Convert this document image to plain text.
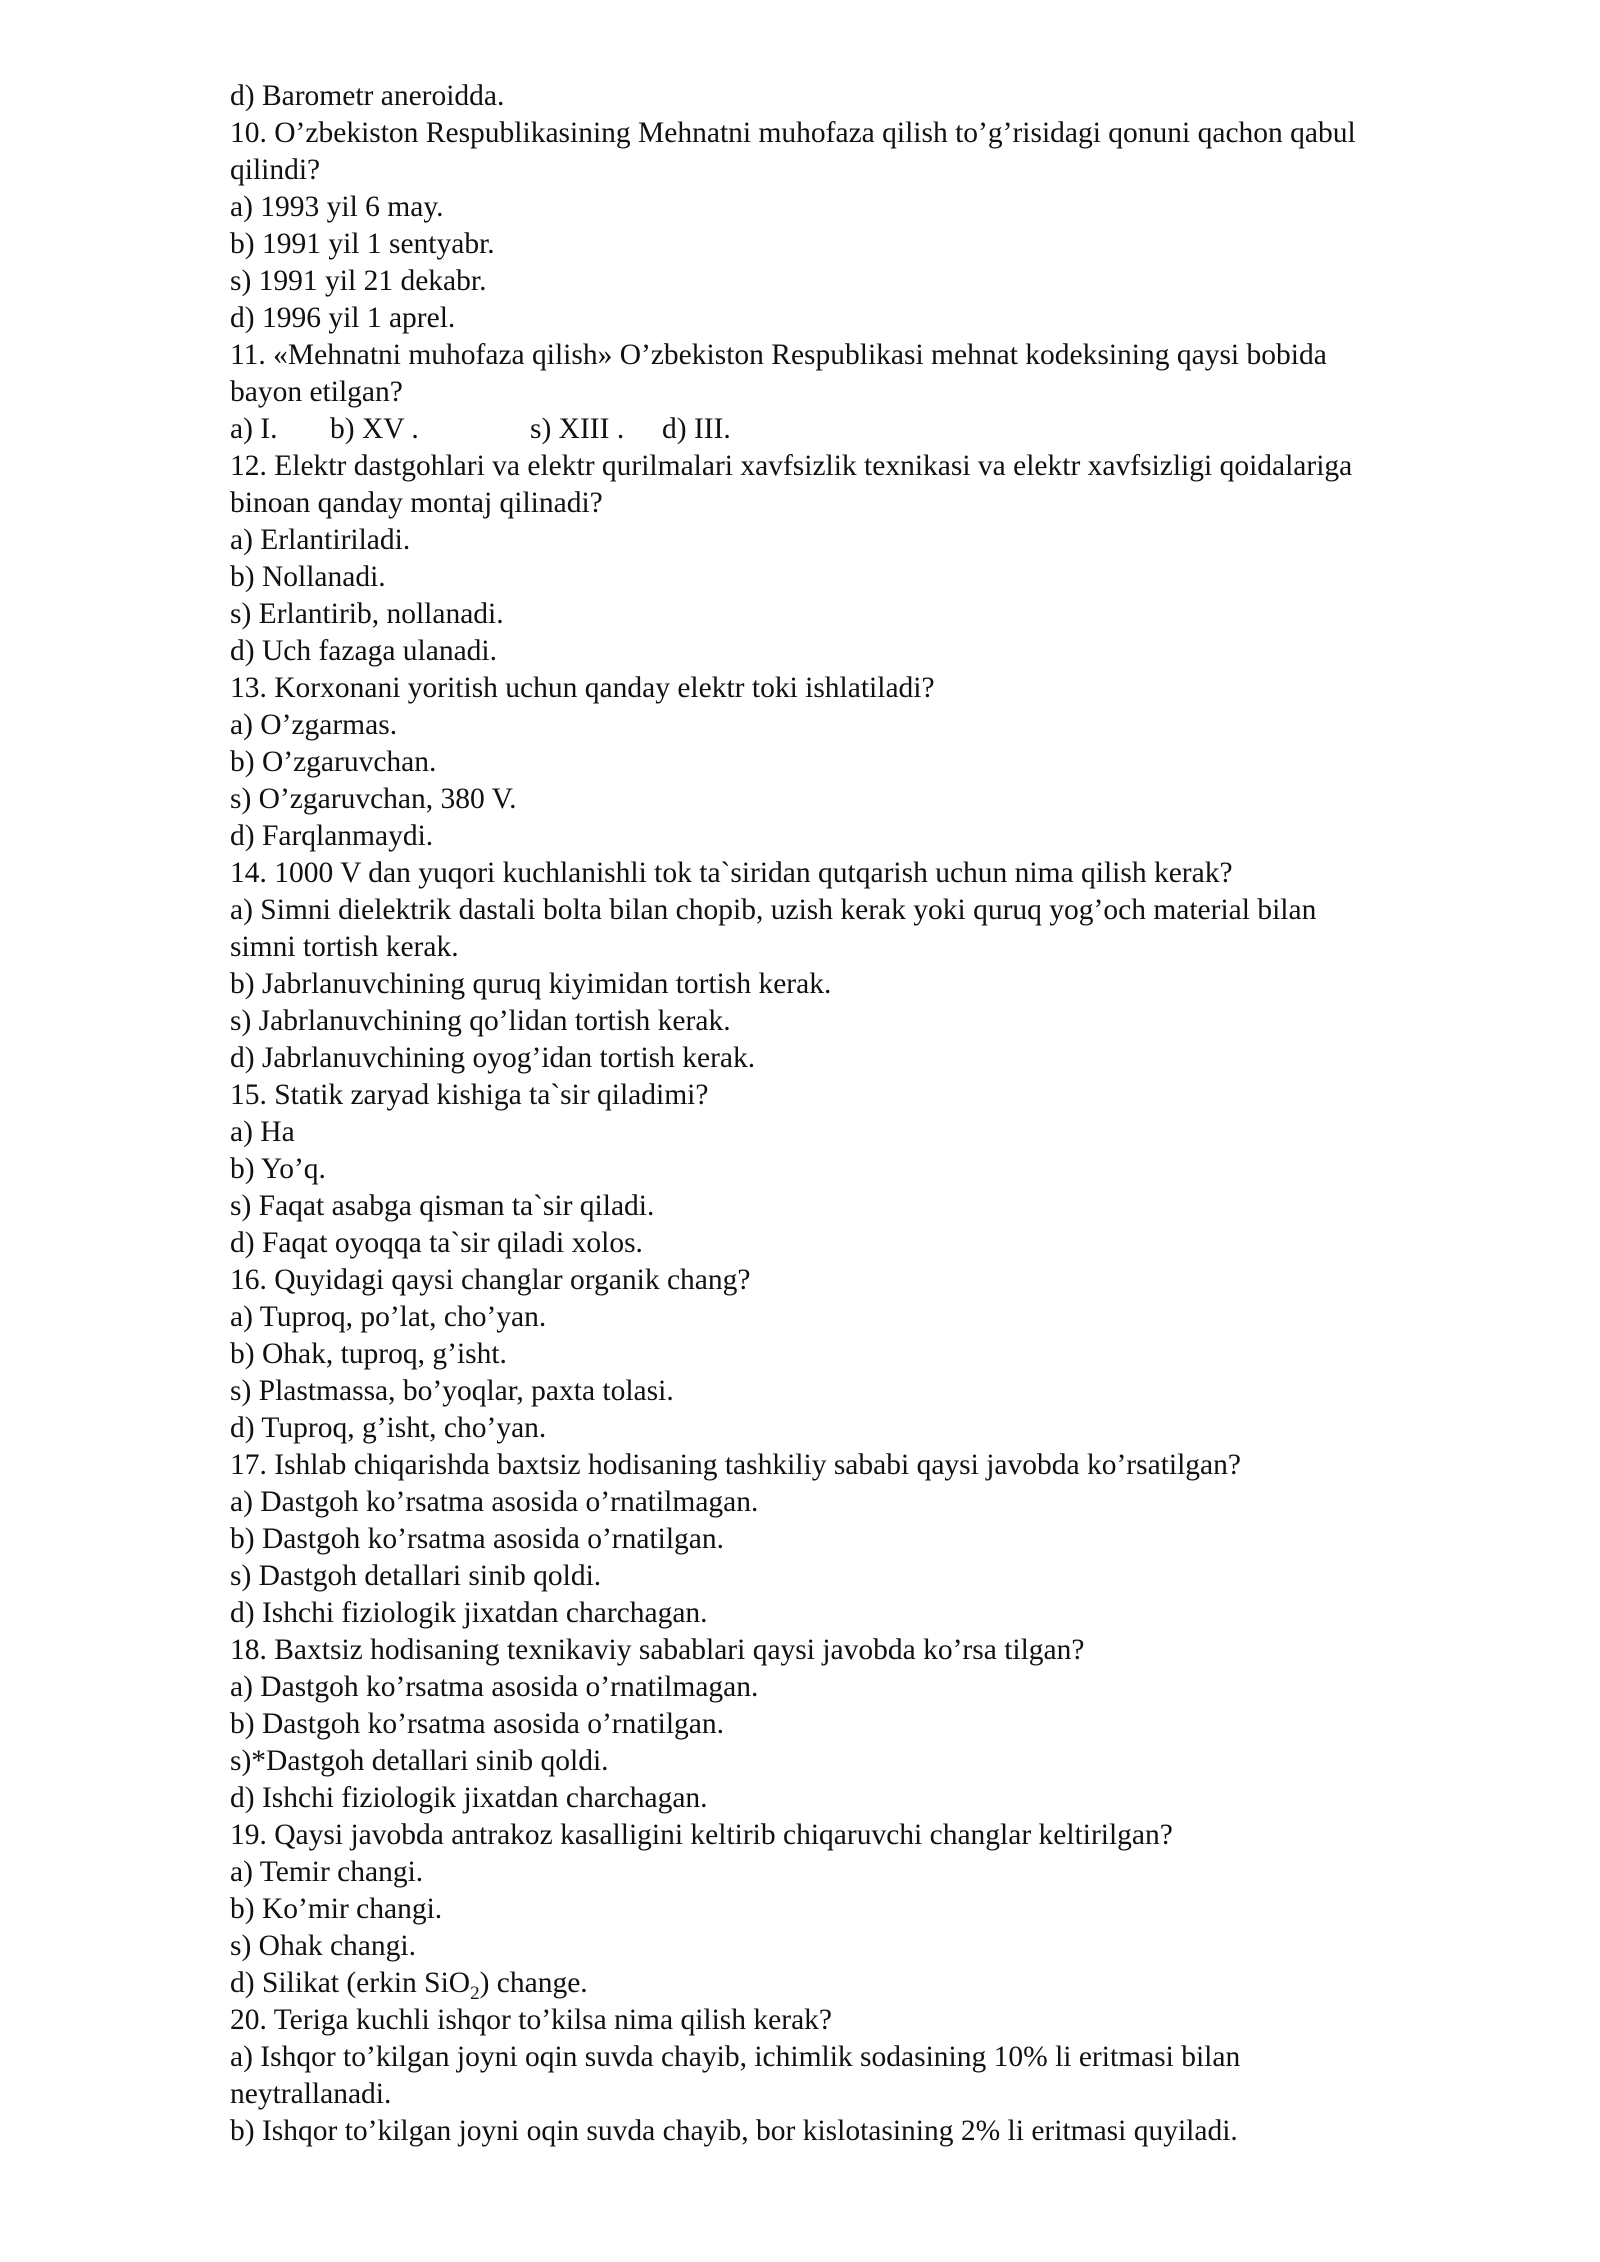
d) Barometr aneroidda.
10. O’zbekiston Respublikasining Mehnatni muhofaza qilish to’g’risidagi qonuni qachon qabul
qilindi?
a) 1993 yil 6 may.
b) 1991 yil 1 sentyabr.
s) 1991 yil 21 dekabr.
d) 1996 yil 1 aprel.
11. «Mehnatni muhofaza qilish» O’zbekiston Respublikasi mehnat kodeksining qaysi bobida
bayon etilgan?
a) I. b) XV .	s) XIII . d) III.
12. Elektr dastgohlari va elektr qurilmalari xavfsizlik texnikasi va elektr xavfsizligi qoidalariga
binoan qanday montaj qilinadi?
a) Erlantiriladi.
b) Nollanadi.
s) Erlantirib, nollanadi.
d) Uch fazaga ulanadi.
13. Korxonani yoritish uchun qanday elektr toki ishlatiladi?
a) O’zgarmas.
b) O’zgaruvchan.
s) O’zgaruvchan, 380 V.
d) Farqlanmaydi.
14. 1000 V dan yuqori kuchlanishli tok ta`siridan qutqarish uchun nima qilish kerak?
a) Simni dielektrik dastali bolta bilan chopib, uzish kerak yoki quruq yog’och material bilan
simni tortish kerak.
b) Jabrlanuvchining quruq kiyimidan tortish kerak.
s) Jabrlanuvchining qo’lidan tortish kerak.
d) Jabrlanuvchining oyog’idan tortish kerak.
15. Statik zaryad kishiga ta`sir qiladimi?
a) Ha
b) Yo’q.
s) Faqat asabga qisman ta`sir qiladi.
d) Faqat oyoqqa ta`sir qiladi xolos.
16. Quyidagi qaysi changlar organik chang?
a) Tuproq, po’lat, cho’yan.
b) Ohak, tuproq, g’isht.
s) Plastmassa, bo’yoqlar, paxta tolasi.
d) Tuproq, g’isht, cho’yan.
17. Ishlab chiqarishda baxtsiz hodisaning tashkiliy sababi qaysi javobda ko’rsatilgan?
a) Dastgoh ko’rsatma asosida o’rnatilmagan.
b) Dastgoh ko’rsatma asosida o’rnatilgan.
s) Dastgoh detallari sinib qoldi.
d) Ishchi fiziologik jixatdan charchagan.
18. Baxtsiz hodisaning texnikaviy sabablari qaysi javobda ko’rsa tilgan?
a) Dastgoh ko’rsatma asosida o’rnatilmagan.
b) Dastgoh ko’rsatma asosida o’rnatilgan.
s)*Dastgoh detallari sinib qoldi.
d) Ishchi fiziologik jixatdan charchagan.
19. Qaysi javobda antrakoz kasalligini keltirib chiqaruvchi changlar keltirilgan?
a) Temir changi.
b) Ko’mir changi.
s) Ohak changi.
d) Silikat (erkin SiO$_2$) change.
20. Teriga kuchli ishqor to’kilsa nima qilish kerak?
a) Ishqor to’kilgan joyni oqin suvda chayib, ichimlik sodasining 10% li eritmasi bilan
neytrallanadi.
b) Ishqor to’kilgan joyni oqin suvda chayib, bor kislotasining 2% li eritmasi quyiladi.
